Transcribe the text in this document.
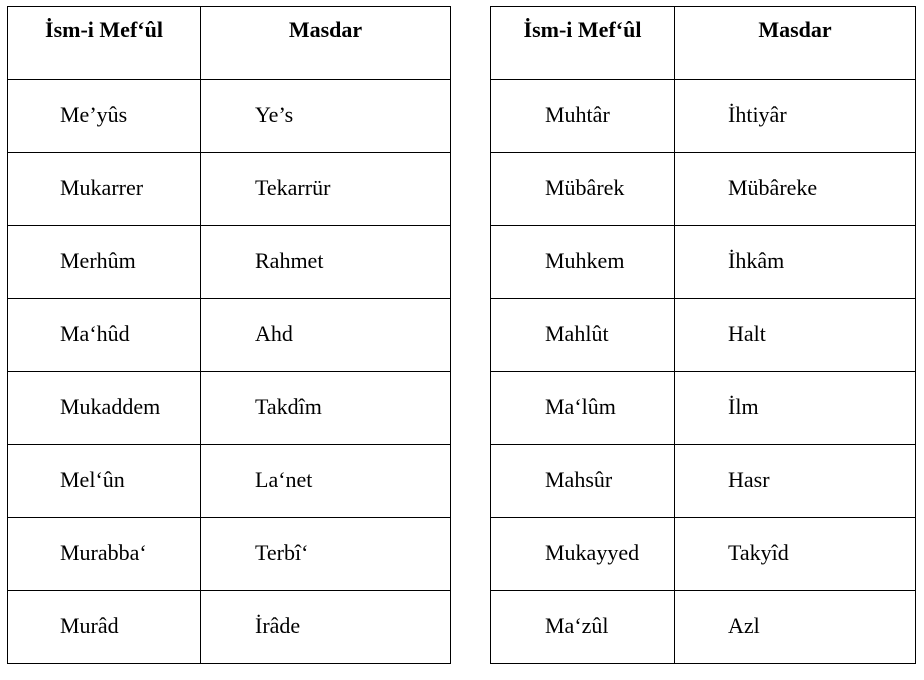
İsm-i Mef‘ûl	Masdar
Me’yûs	Ye’s
Mukarrer	Tekarrür
Merhûm	Rahmet
Ma‘hûd	Ahd
Mukaddem	Takdîm
Mel‘ûn	La‘net
Murabba‘	Terbî‘
Murâd	İrâde
İsm-i Mef‘ûl	Masdar
Muhtâr	İhtiyâr
Mübârek	Mübâreke
Muhkem	İhkâm
Mahlût	Halt
Ma‘lûm	İlm
Mahsûr	Hasr
Mukayyed	Takyîd
Ma‘zûl	Azl
